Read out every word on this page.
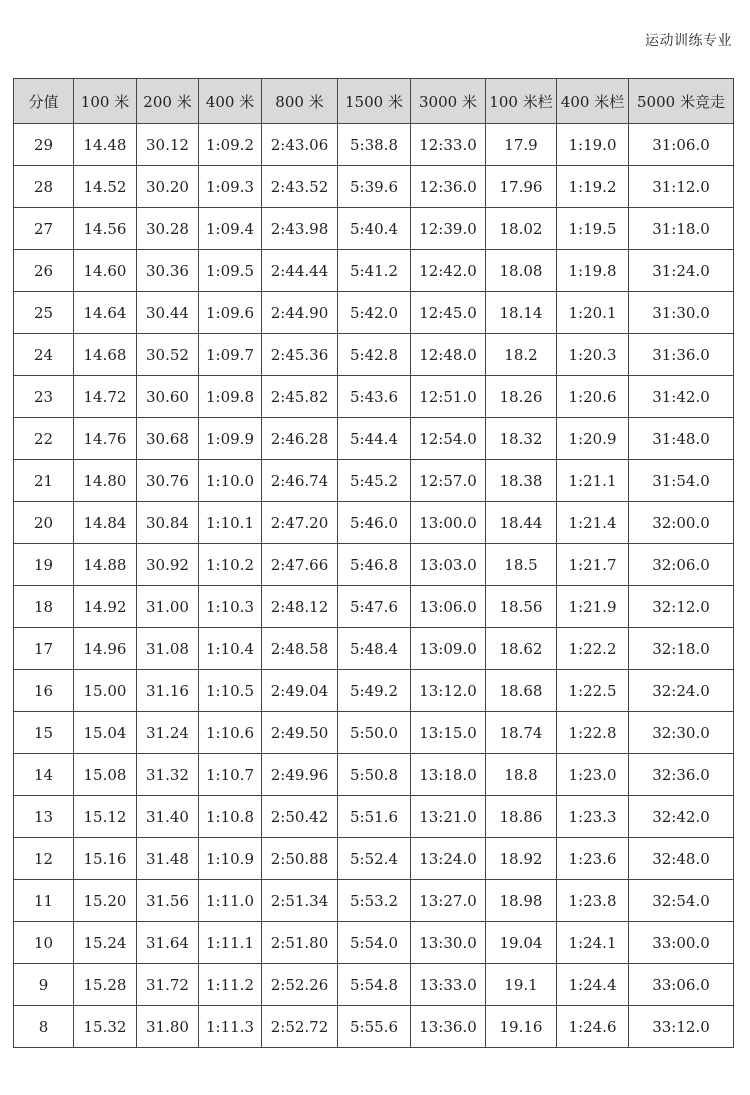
运动训练专业
分值	100 米	200 米	400 米	800 米	1500 米	3000 米	100 米栏	400 米栏	5000 米竞走
29	14.48	30.12	1:09.2	2:43.06	5:38.8	12:33.0	17.9	1:19.0	31:06.0
28	14.52	30.20	1:09.3	2:43.52	5:39.6	12:36.0	17.96	1:19.2	31:12.0
27	14.56	30.28	1:09.4	2:43.98	5:40.4	12:39.0	18.02	1:19.5	31:18.0
26	14.60	30.36	1:09.5	2:44.44	5:41.2	12:42.0	18.08	1:19.8	31:24.0
25	14.64	30.44	1:09.6	2:44.90	5:42.0	12:45.0	18.14	1:20.1	31:30.0
24	14.68	30.52	1:09.7	2:45.36	5:42.8	12:48.0	18.2	1:20.3	31:36.0
23	14.72	30.60	1:09.8	2:45.82	5:43.6	12:51.0	18.26	1:20.6	31:42.0
22	14.76	30.68	1:09.9	2:46.28	5:44.4	12:54.0	18.32	1:20.9	31:48.0
21	14.80	30.76	1:10.0	2:46.74	5:45.2	12:57.0	18.38	1:21.1	31:54.0
20	14.84	30.84	1:10.1	2:47.20	5:46.0	13:00.0	18.44	1:21.4	32:00.0
19	14.88	30.92	1:10.2	2:47.66	5:46.8	13:03.0	18.5	1:21.7	32:06.0
18	14.92	31.00	1:10.3	2:48.12	5:47.6	13:06.0	18.56	1:21.9	32:12.0
17	14.96	31.08	1:10.4	2:48.58	5:48.4	13:09.0	18.62	1:22.2	32:18.0
16	15.00	31.16	1:10.5	2:49.04	5:49.2	13:12.0	18.68	1:22.5	32:24.0
15	15.04	31.24	1:10.6	2:49.50	5:50.0	13:15.0	18.74	1:22.8	32:30.0
14	15.08	31.32	1:10.7	2:49.96	5:50.8	13:18.0	18.8	1:23.0	32:36.0
13	15.12	31.40	1:10.8	2:50.42	5:51.6	13:21.0	18.86	1:23.3	32:42.0
12	15.16	31.48	1:10.9	2:50.88	5:52.4	13:24.0	18.92	1:23.6	32:48.0
11	15.20	31.56	1:11.0	2:51.34	5:53.2	13:27.0	18.98	1:23.8	32:54.0
10	15.24	31.64	1:11.1	2:51.80	5:54.0	13:30.0	19.04	1:24.1	33:00.0
9	15.28	31.72	1:11.2	2:52.26	5:54.8	13:33.0	19.1	1:24.4	33:06.0
8	15.32	31.80	1:11.3	2:52.72	5:55.6	13:36.0	19.16	1:24.6	33:12.0
